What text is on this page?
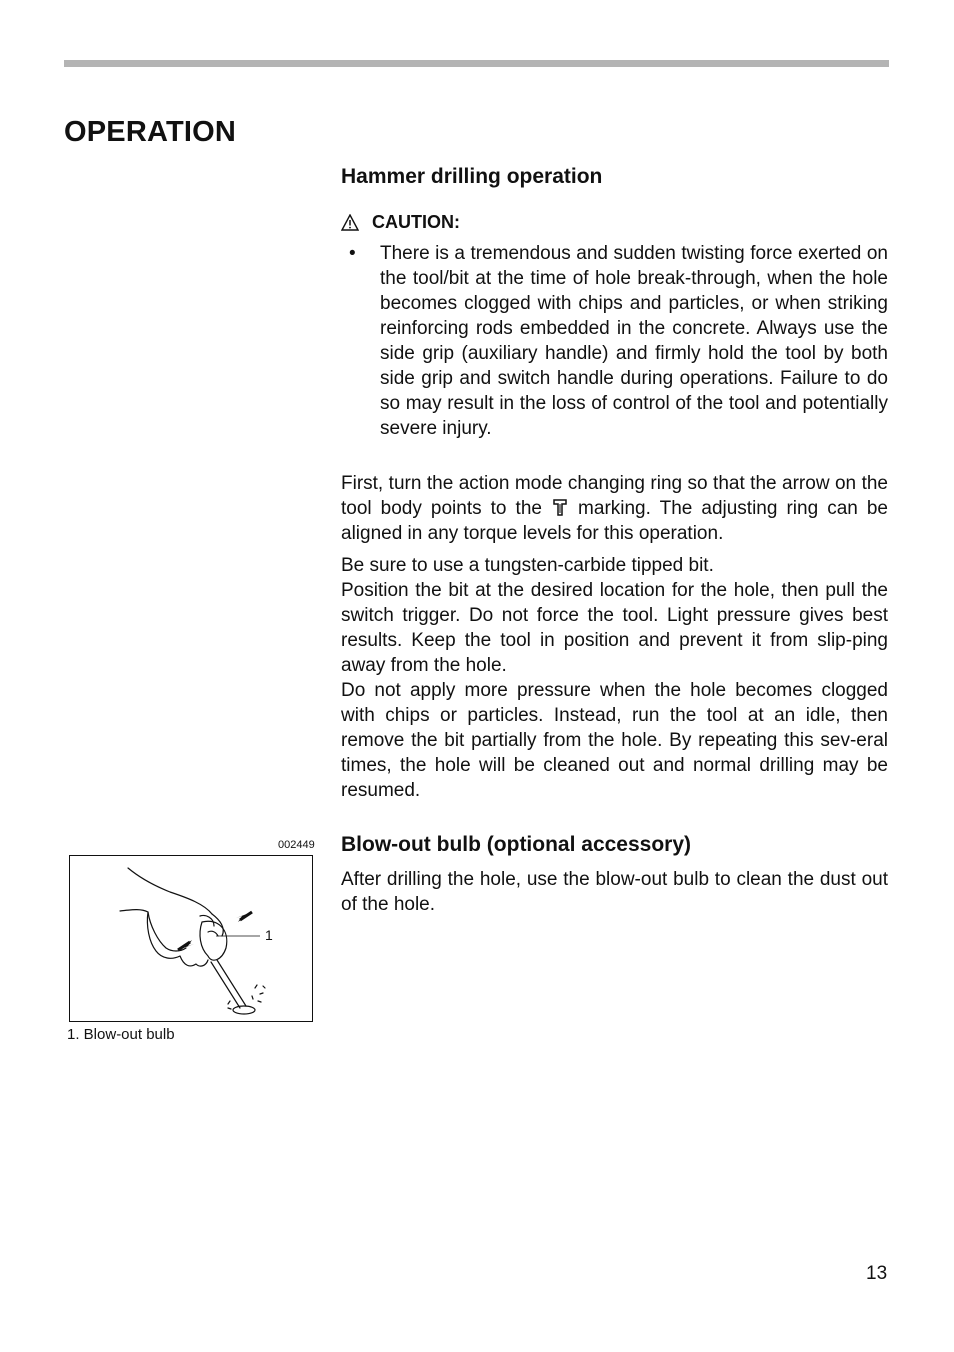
OPERATION
Hammer drilling operation
CAUTION:
• There is a tremendous and sudden twisting force exerted on the tool/bit at the time of hole break-through, when the hole becomes clogged with chips and particles, or when striking reinforcing rods embedded in the concrete. Always use the side grip (auxiliary handle) and firmly hold the tool by both side grip and switch handle during operations. Failure to do so may result in the loss of control of the tool and potentially severe injury.
First, turn the action mode changing ring so that the arrow on the tool body points to the marking. The adjusting ring can be aligned in any torque levels for this operation.

Be sure to use a tungsten-carbide tipped bit.

Position the bit at the desired location for the hole, then pull the switch trigger. Do not force the tool. Light pressure gives best results. Keep the tool in position and prevent it from slip-ping away from the hole.

Do not apply more pressure when the hole becomes clogged with chips or particles. Instead, run the tool at an idle, then remove the bit partially from the hole. By repeating this sev-eral times, the hole will be cleaned out and normal drilling may be resumed.

002449 Blow-out bulb (optional accessory)
After drilling the hole, use the blow-out bulb to clean the dust out of the hole.
1
1. Blow-out bulb
13
